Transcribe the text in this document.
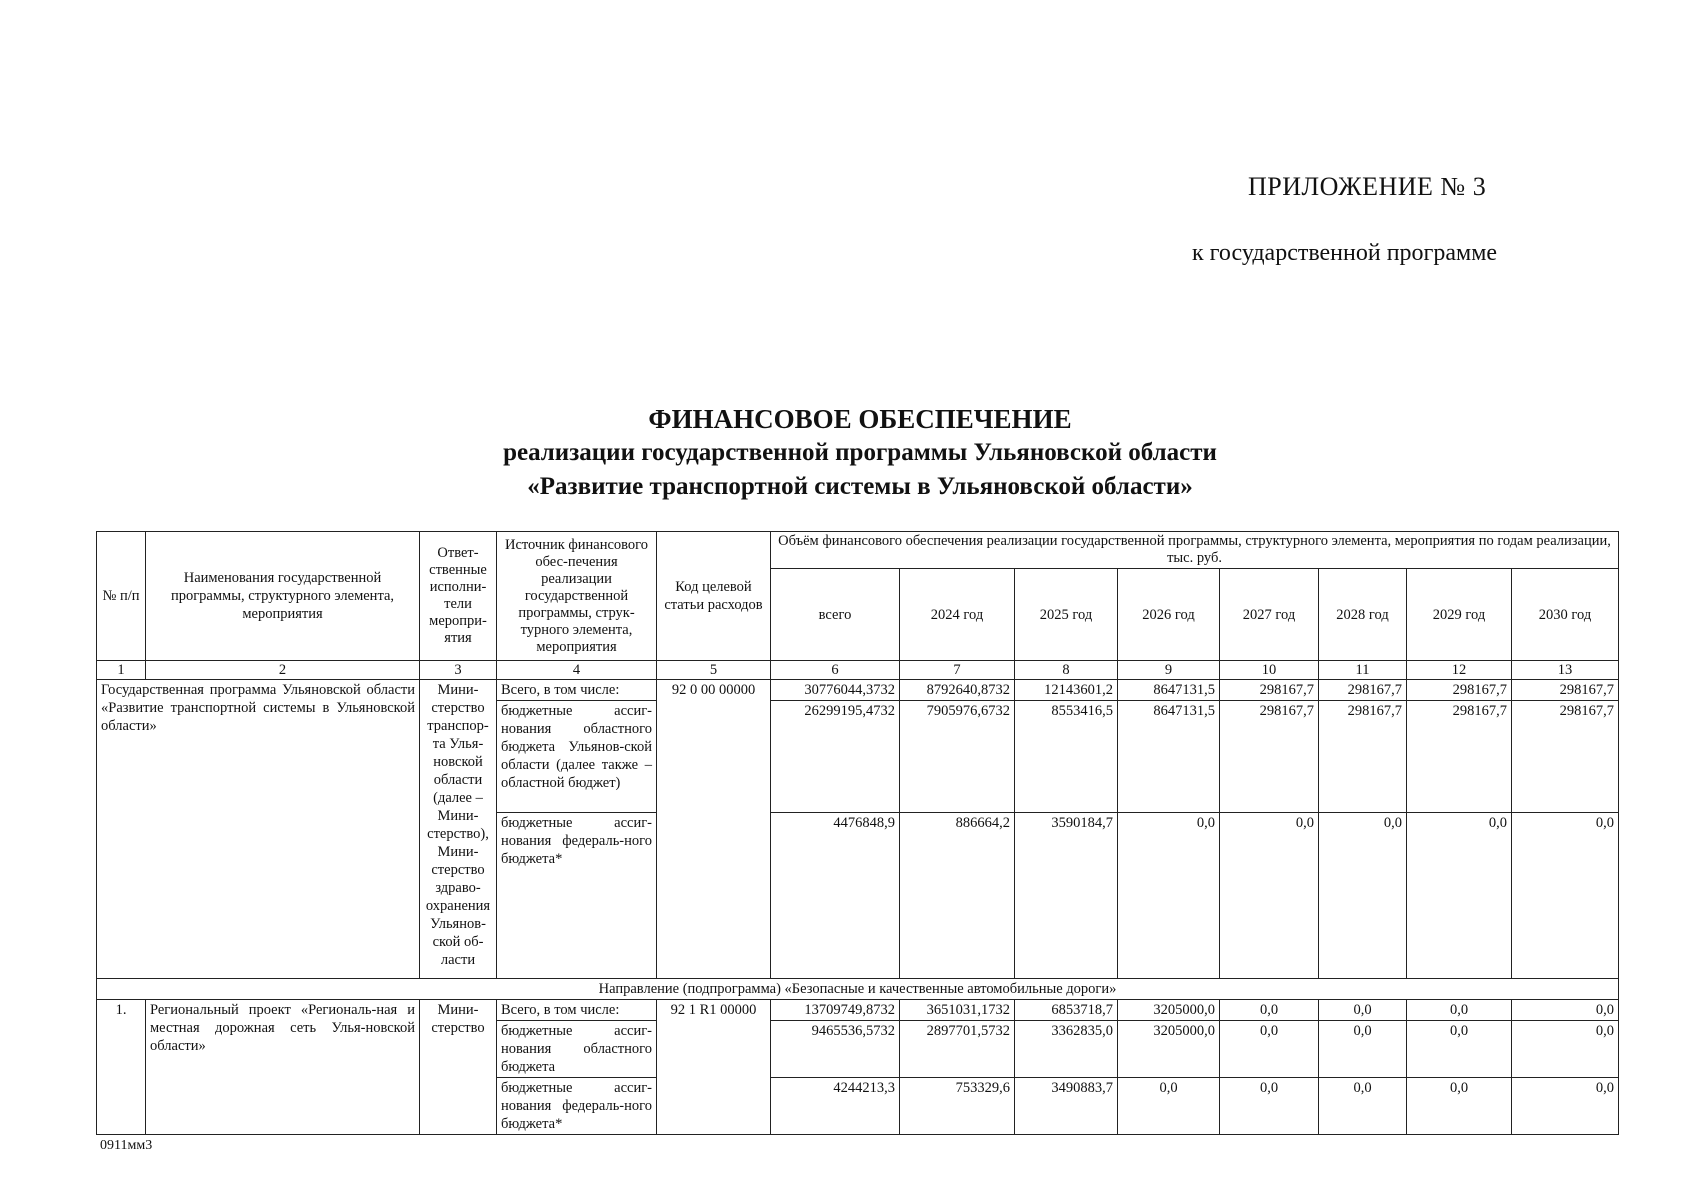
ПРИЛОЖЕНИЕ № 3
к государственной программе
ФИНАНСОВОЕ ОБЕСПЕЧЕНИЕ
реализации государственной программы Ульяновской области
«Развитие транспортной системы в Ульяновской области»
№ п/п	Наименования государственной программы, структурного элемента, мероприятия	Ответ-ственные исполни-тели меропри-ятия	Источник финансового обес-печения реализации государственной программы, струк-турного элемента, мероприятия	Код целевой статьи расходов	Объём финансового обеспечения реализации государственной программы, структурного элемента, мероприятия по годам реализации, тыс. руб.							
					всего	2024 год	2025 год	2026 год	2027 год	2028 год	2029 год	2030 год
1	2	3	4	5	6	7	8	9	10	11	12	13
Государственная программа Ульяновской области «Развитие транспортной системы в Ульяновской области»		Мини-стерство транспор-та Улья-новской области (далее – Мини-стерство), Мини-стерство здраво-охранения Ульянов-ской об-ласти	Всего, в том числе:	92 0 00 00000	30776044,3732	8792640,8732	12143601,2	8647131,5	298167,7	298167,7	298167,7	298167,7
			бюджетные ассиг-нования областного бюджета Ульянов-ской области (далее также – областной бюджет)		26299195,4732	7905976,6732	8553416,5	8647131,5	298167,7	298167,7	298167,7	298167,7
			бюджетные ассиг-нования федераль-ного бюджета*		4476848,9	886664,2	3590184,7	0,0	0,0	0,0	0,0	0,0
Направление (подпрограмма) «Безопасные и качественные автомобильные дороги»												
1.	Региональный проект «Региональ-ная и местная дорожная сеть Улья-новской области»	Мини-стерство	Всего, в том числе:	92 1 R1 00000	13709749,8732	3651031,1732	6853718,7	3205000,0	0,0	0,0	0,0	0,0
			бюджетные ассиг-нования областного бюджета		9465536,5732	2897701,5732	3362835,0	3205000,0	0,0	0,0	0,0	0,0
			бюджетные ассиг-нования федераль-ного бюджета*		4244213,3	753329,6	3490883,7	0,0	0,0	0,0	0,0	0,0
0911мм3
